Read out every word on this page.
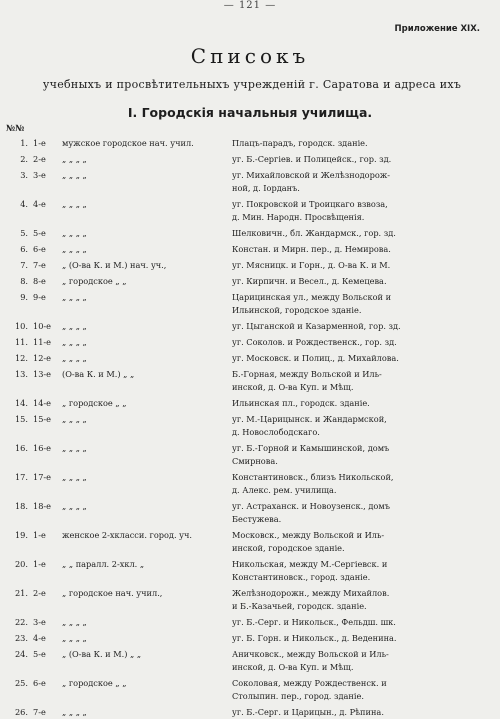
— 121 —
Приложение XIX.
Списокъ
учебныхъ и просвѣтительныхъ учрежденій г. Саратова и адреса ихъ
I. Городскія начальныя училища.
№№
1. 1-е	мужское городское нач. учил.	Плацъ-парадъ, городск. зданіе.
2. 2-е	„ „ „ „	уг. Б.-Сергіев. и Полицейск., гор. зд.
3. 3-е	„ „ „ „	уг. Михайловской и Желѣзнодорож-
ной, д. Іорданъ.
4. 4-е	„ „ „ „	уг. Покровской и Троицкаго взвоза,
д. Мин. Народн. Просвѣщенія.
5. 5-е	„ „ „ „	Шелковичн., бл. Жандармск., гор. зд.
6. 6-е	„ „ „ „	Констан. и Мирн. пер., д. Немирова.
7. 7-е	„ (О-ва К. и М.) нач. уч.,	уг. Мясницк. и Горн., д. О-ва К. и М.
8. 8-е	„ городское „ „	уг. Кирпичн. и Весел., д. Кемецева.
9. 9-е	„ „ „ „	Царицинская ул., между Вольской и
Ильинской, городское зданіе.
10. 10-е	„ „ „ „	уг. Цыганской и Казарменной, гор. зд.
11. 11-е	„ „ „ „	уг. Соколов. и Рождественск., гор. зд.
12. 12-е	„ „ „ „	уг. Московск. и Полиц., д. Михайлова.
13. 13-е	(О-ва К. и М.) „ „	Б.-Горная, между Вольской и Иль-
инской, д. О-ва Куп. и Мѣщ.
14. 14-е	„ городское „ „	Ильинская пл., городск. зданіе.
15. 15-е	„ „ „ „	уг. М.-Царицынск. и Жандармской,
д. Новослободскаго.
16. 16-е	„ „ „ „	уг. Б.-Горной и Камышинской, домъ
Смирнова.
17. 17-е	„ „ „ „	Константиновск., близъ Никольской,
д. Алекс. рем. училища.
18. 18-е	„ „ „ „	уг. Астраханск. и Новоузенск., домъ
Бестужева.
19. 1-е	женское 2-хкласси. город. уч.	Московск., между Вольской и Иль-
инской, городское зданіе.
20. 1-е	„ „ паралл. 2-хкл. „	Никольская, между М.-Сергіевск. и
Константиновск., город. зданіе.
21. 2-е	„ городское нач. учил.,	Желѣзнодорожн., между Михайлов.
и Б.-Казачьей, городск. зданіе.
22. 3-е	„ „ „ „	уг. Б.-Серг. и Никольск., Фельдш. шк.
23. 4-е	„ „ „ „	уг. Б. Горн. и Никольск., д. Веденина.
24. 5-е	„ (О-ва К. и М.) „ „	Аничковск., между Вольской и Иль-
инской, д. О-ва Куп. и Мѣщ.
25. 6-е	„ городское „ „	Соколовая, между Рождественск. и
Столыпин. пер., город. зданіе.
26. 7-е	„ „ „ „	уг. Б.-Серг. и Царицын., д. Рѣпина.
